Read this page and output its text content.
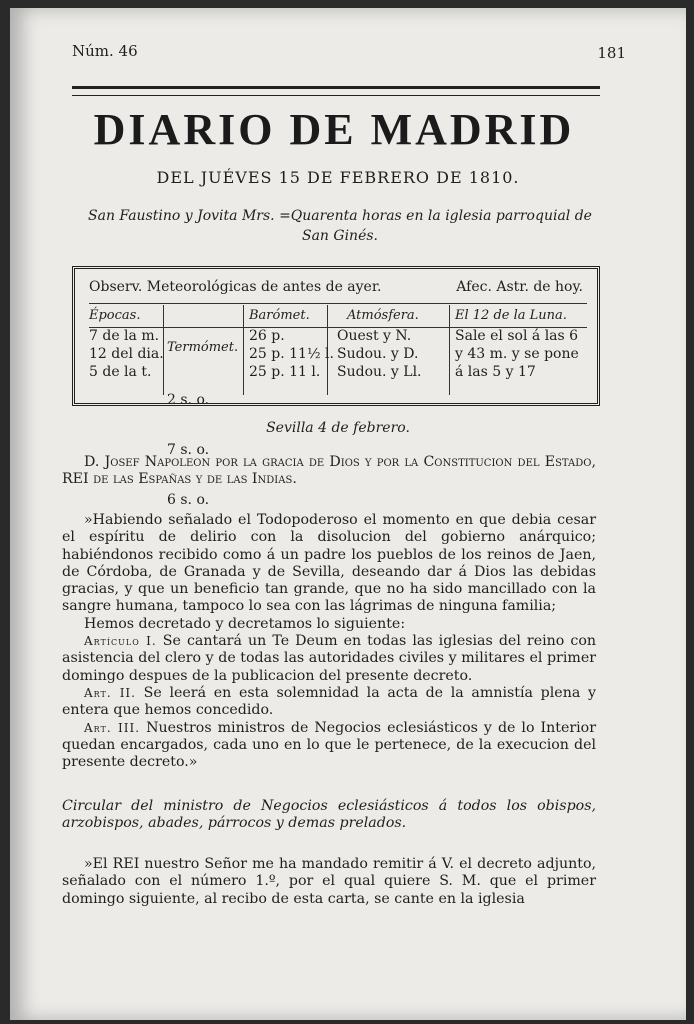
Núm. 46	181
DIARIO DE MADRID
DEL JUÉVES 15 DE FEBRERO DE 1810.
San Faustino y Jovita Mrs. =Quarenta horas en la iglesia parroquial de San Ginés.
Observ. Meteorológicas de antes de ayer.	Afec. Astr. de hoy.
Épocas.
7 de la m.
12 del dia.
5 de la t.

Termómet.

2 s. o.

7 s. o.

6 s. o.

Barómet.
26 p.
25 p. 11½ l.
25 p. 11 l.
Atmósfera.
Ouest y N.
Sudou. y D.
Sudou. y Ll.
El 12 de la Luna.
Sale el sol á las 6
y 43 m. y se pone
á las 5 y 17
Sevilla 4 de febrero.

D. Josef Napoleon por la gracia de Dios y por la Constitucion del Estado, REI de las Españas y de las Indias.

»Habiendo señalado el Todopoderoso el momento en que debia cesar el espíritu de delirio con la disolucion del gobierno anárquico; habiéndonos recibido como á un padre los pueblos de los reinos de Jaen, de Córdoba, de Granada y de Sevilla, deseando dar á Dios las debidas gracias, y que un beneficio tan grande, que no ha sido mancillado con la sangre humana, tampoco lo sea con las lágrimas de ninguna familia;

Hemos decretado y decretamos lo siguiente:

Artículo I. Se cantará un Te Deum en todas las iglesias del reino con asistencia del clero y de todas las autoridades civiles y militares el primer domingo despues de la publicacion del presente decreto.

Art. II. Se leerá en esta solemnidad la acta de la amnistía plena y entera que hemos concedido.

Art. III. Nuestros ministros de Negocios eclesiásticos y de lo Interior quedan encargados, cada uno en lo que le pertenece, de la execucion del presente decreto.»

Circular del ministro de Negocios eclesiásticos á todos los obispos, arzobispos, abades, párrocos y demas prelados.

»El REI nuestro Señor me ha mandado remitir á V. el decreto adjunto, señalado con el número 1.º, por el qual quiere S. M. que el primer domingo siguiente, al recibo de esta carta, se cante en la iglesia
